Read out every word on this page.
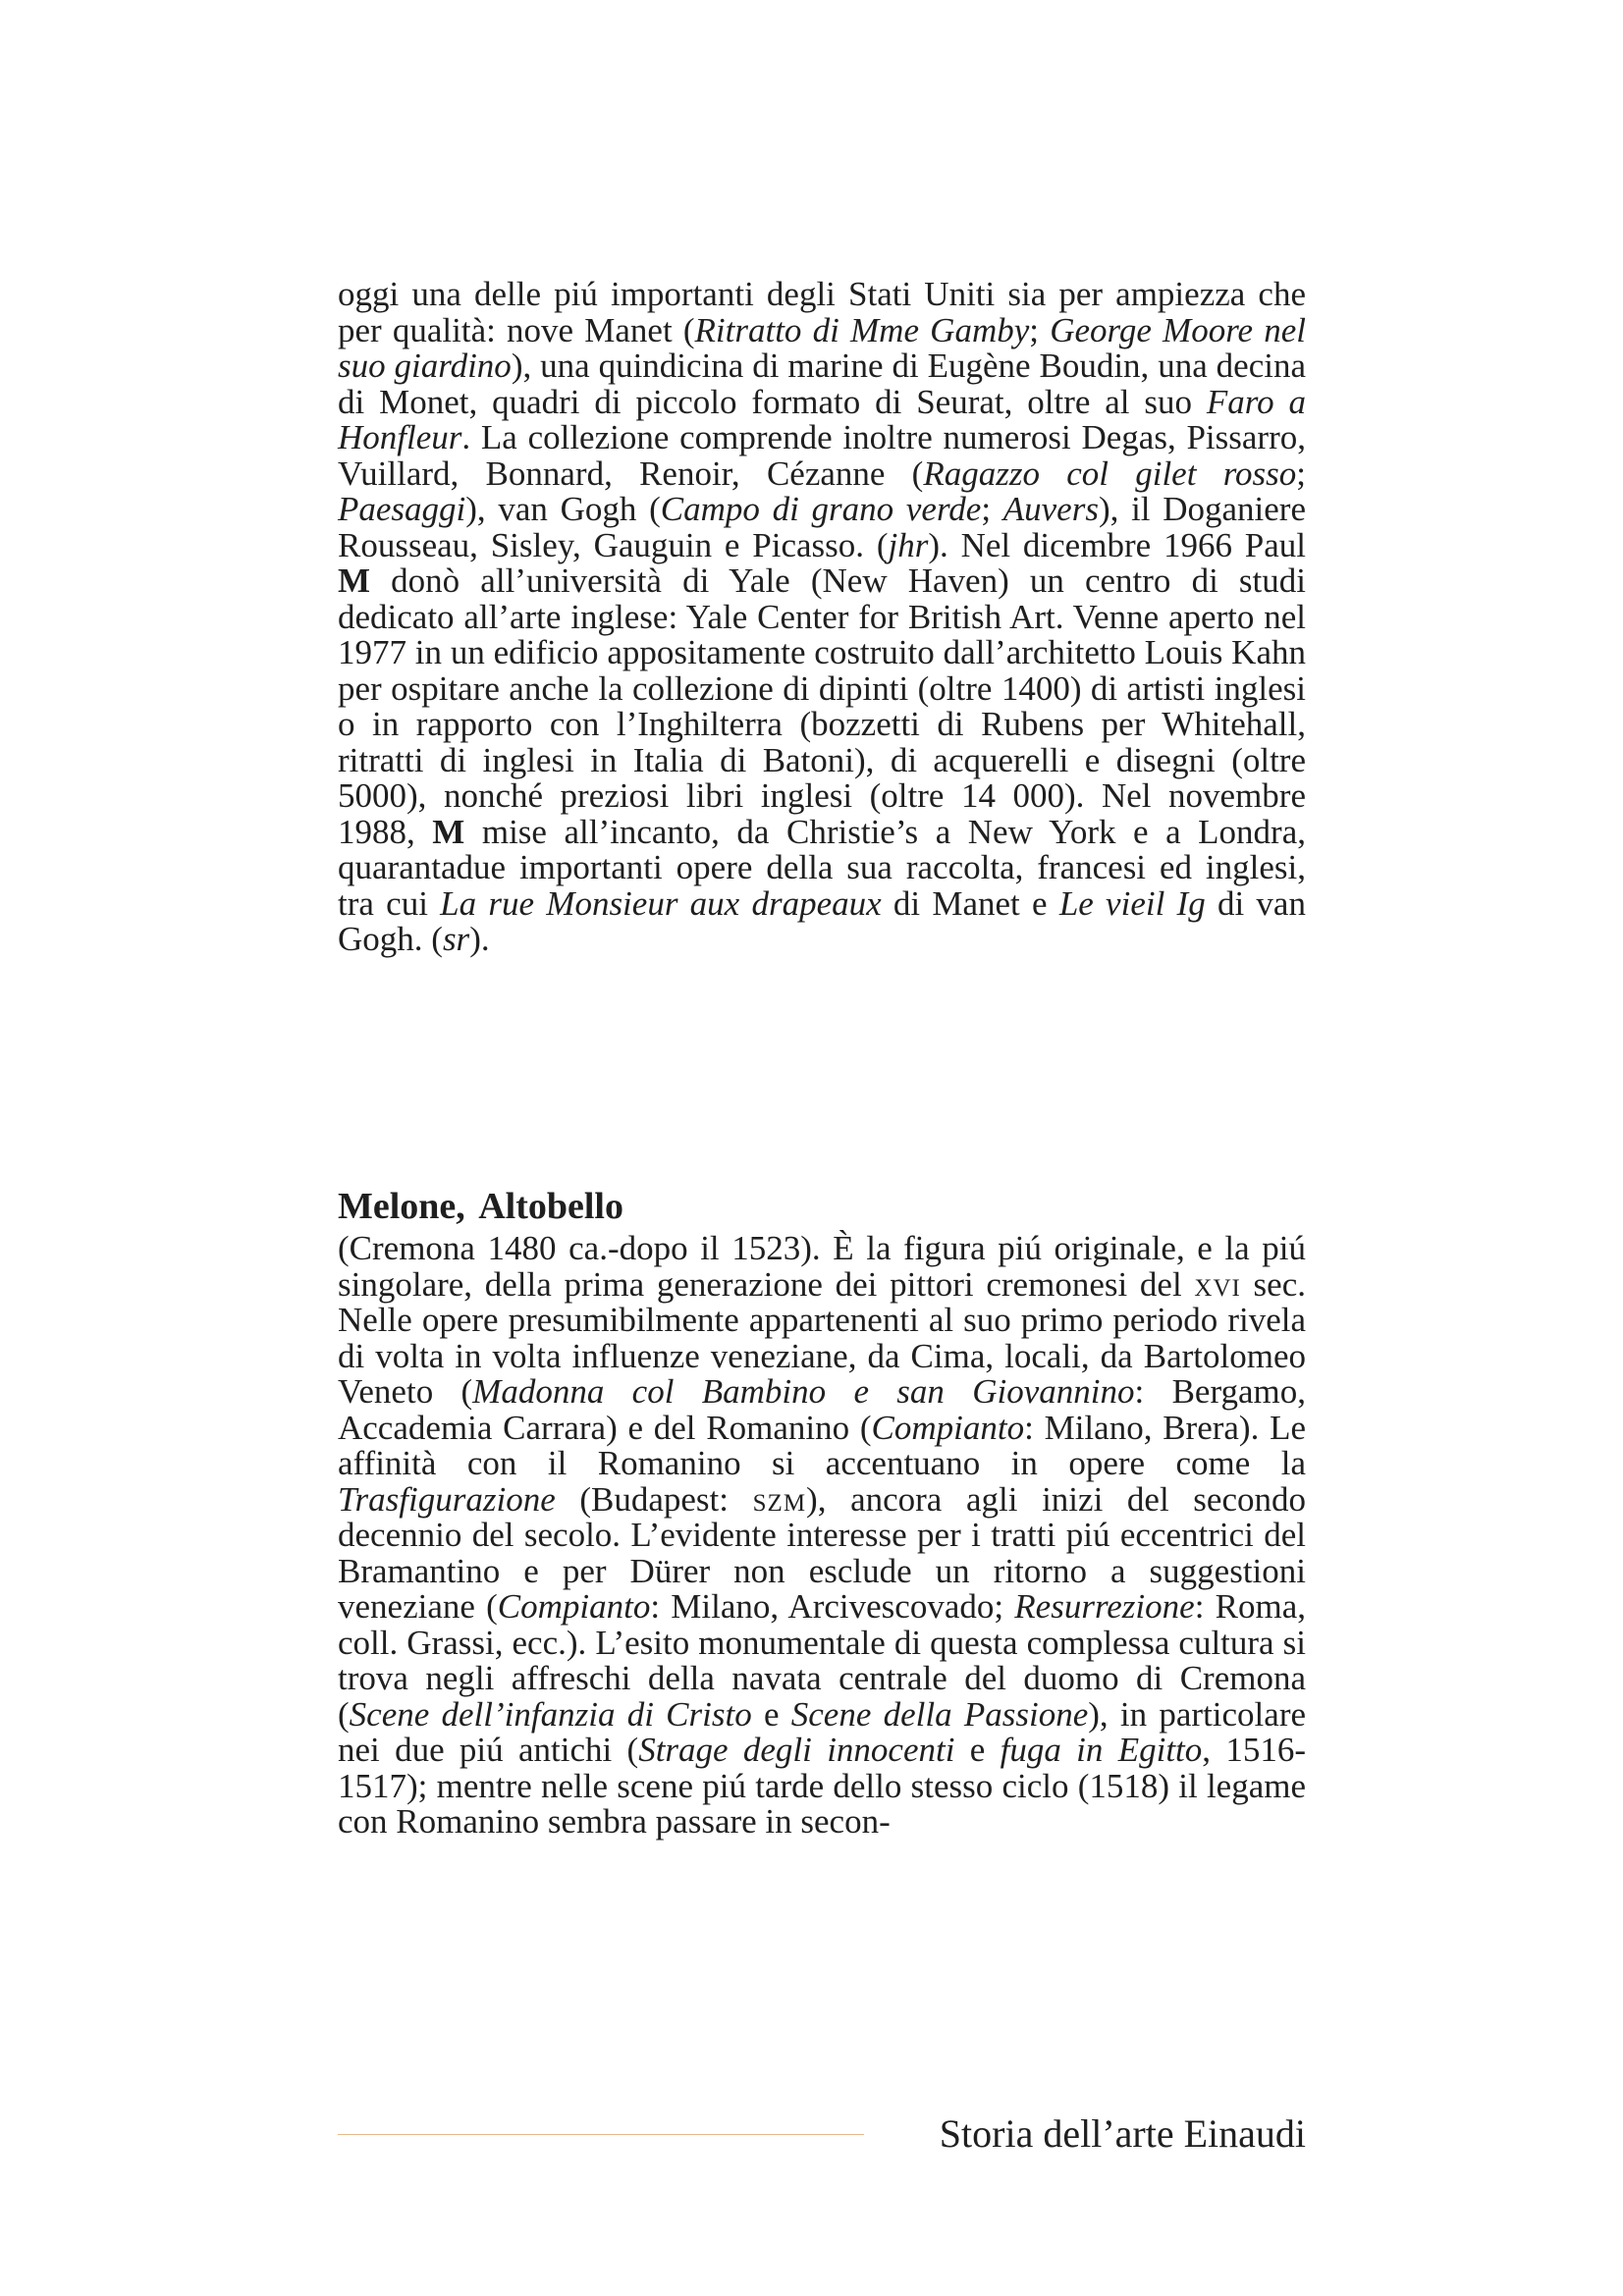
oggi una delle piú importanti degli Stati Uniti sia per ampiezza che per qualità: nove Manet (Ritratto di Mme Gamby; George Moore nel suo giardino), una quindicina di marine di Eugène Boudin, una decina di Monet, quadri di piccolo formato di Seurat, oltre al suo Faro a Honfleur. La collezione comprende inoltre numerosi Degas, Pissarro, Vuillard, Bonnard, Renoir, Cézanne (Ragazzo col gilet rosso; Paesaggi), van Gogh (Campo di grano verde; Auvers), il Doganiere Rousseau, Sisley, Gauguin e Picasso. (jhr). Nel dicembre 1966 Paul M donò all’università di Yale (New Haven) un centro di studi dedicato all’arte inglese: Yale Center for British Art. Venne aperto nel 1977 in un edificio appositamente costruito dall’architetto Louis Kahn per ospitare anche la collezione di dipinti (oltre 1400) di artisti inglesi o in rapporto con l’Inghilterra (bozzetti di Rubens per Whitehall, ritratti di inglesi in Italia di Batoni), di acquerelli e disegni (oltre 5000), nonché preziosi libri inglesi (oltre 14 000). Nel novembre 1988, M mise all’incanto, da Christie’s a New York e a Londra, quarantadue importanti opere della sua raccolta, francesi ed inglesi, tra cui La rue Monsieur aux drapeaux di Manet e Le vieil Ig di van Gogh. (sr).

Melone, Altobello

(Cremona 1480 ca.-dopo il 1523). È la figura piú originale, e la piú singolare, della prima generazione dei pittori cremonesi del xvi sec. Nelle opere presumibilmente appartenenti al suo primo periodo rivela di volta in volta influenze veneziane, da Cima, locali, da Bartolomeo Veneto (Madonna col Bambino e san Giovannino: Bergamo, Accademia Carrara) e del Romanino (Compianto: Milano, Brera). Le affinità con il Romanino si accentuano in opere come la Trasfigurazione (Budapest: szm), ancora agli inizi del secondo decennio del secolo. L’evidente interesse per i tratti piú eccentrici del Bramantino e per Dürer non esclude un ritorno a suggestioni veneziane (Compianto: Milano, Arcivescovado; Resurrezione: Roma, coll. Grassi, ecc.). L’esito monumentale di questa complessa cultura si trova negli affreschi della navata centrale del duomo di Cremona (Scene dell’infanzia di Cristo e Scene della Passione), in particolare nei due piú antichi (Strage degli innocenti e fuga in Egitto, 1516-1517); mentre nelle scene piú tarde dello stesso ciclo (1518) il legame con Romanino sembra passare in secon-

Storia dell’arte Einaudi
